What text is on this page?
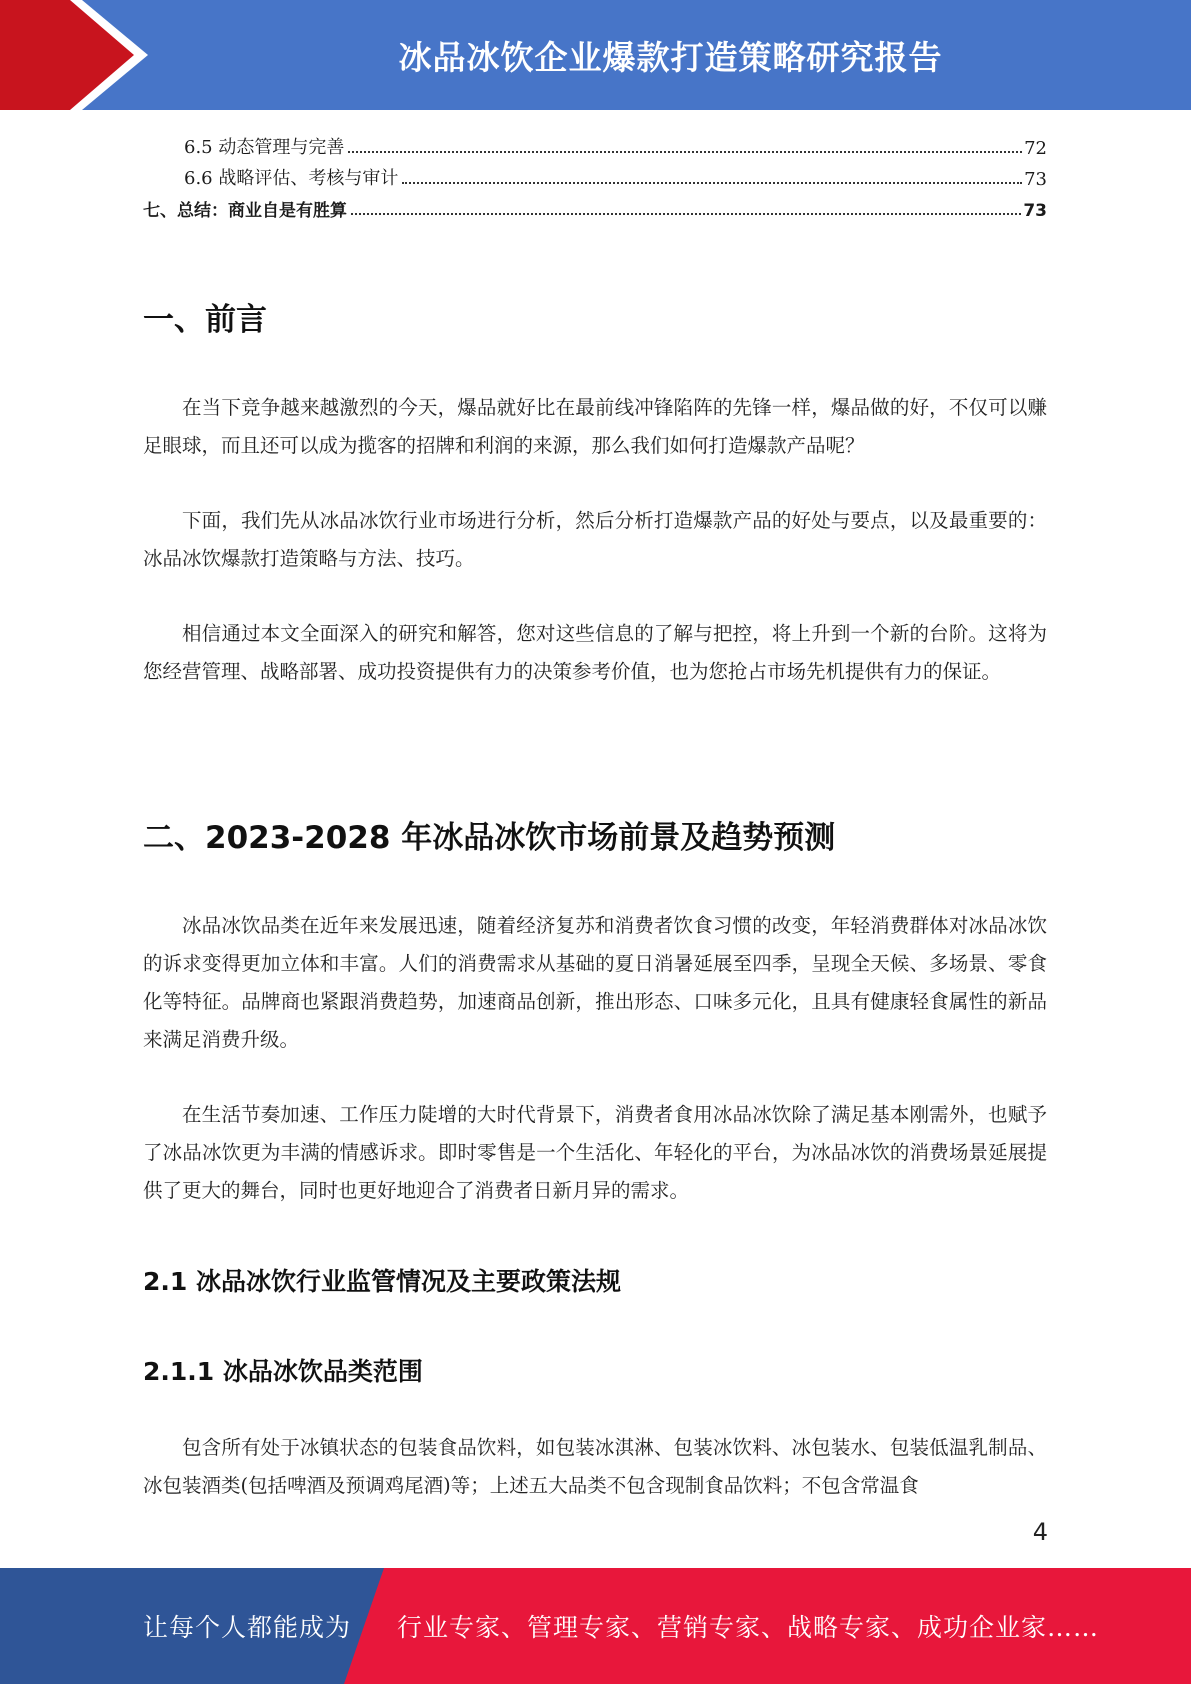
冰品冰饮企业爆款打造策略研究报告
6.5 动态管理与完善	72
6.6 战略评估、考核与审计	73
七、总结：商业自是有胜算	73
一、前言
在当下竞争越来越激烈的今天，爆品就好比在最前线冲锋陷阵的先锋一样，爆品做的好，不仅可以赚足眼球，而且还可以成为揽客的招牌和利润的来源，那么我们如何打造爆款产品呢？
下面，我们先从冰品冰饮行业市场进行分析，然后分析打造爆款产品的好处与要点，以及最重要的：冰品冰饮爆款打造策略与方法、技巧。
相信通过本文全面深入的研究和解答，您对这些信息的了解与把控，将上升到一个新的台阶。这将为您经营管理、战略部署、成功投资提供有力的决策参考价值，也为您抢占市场先机提供有力的保证。
二、2023-2028 年冰品冰饮市场前景及趋势预测
冰品冰饮品类在近年来发展迅速，随着经济复苏和消费者饮食习惯的改变，年轻消费群体对冰品冰饮的诉求变得更加立体和丰富。人们的消费需求从基础的夏日消暑延展至四季，呈现全天候、多场景、零食化等特征。品牌商也紧跟消费趋势，加速商品创新，推出形态、口味多元化，且具有健康轻食属性的新品来满足消费升级。
在生活节奏加速、工作压力陡增的大时代背景下，消费者食用冰品冰饮除了满足基本刚需外，也赋予了冰品冰饮更为丰满的情感诉求。即时零售是一个生活化、年轻化的平台，为冰品冰饮的消费场景延展提供了更大的舞台，同时也更好地迎合了消费者日新月异的需求。
2.1 冰品冰饮行业监管情况及主要政策法规
2.1.1 冰品冰饮品类范围
包含所有处于冰镇状态的包装食品饮料，如包装冰淇淋、包装冰饮料、冰包装水、包装低温乳制品、冰包装酒类(包括啤酒及预调鸡尾酒)等；上述五大品类不包含现制食品饮料；不包含常温食
4
让每个人都能成为 行业专家、管理专家、营销专家、战略专家、成功企业家……
